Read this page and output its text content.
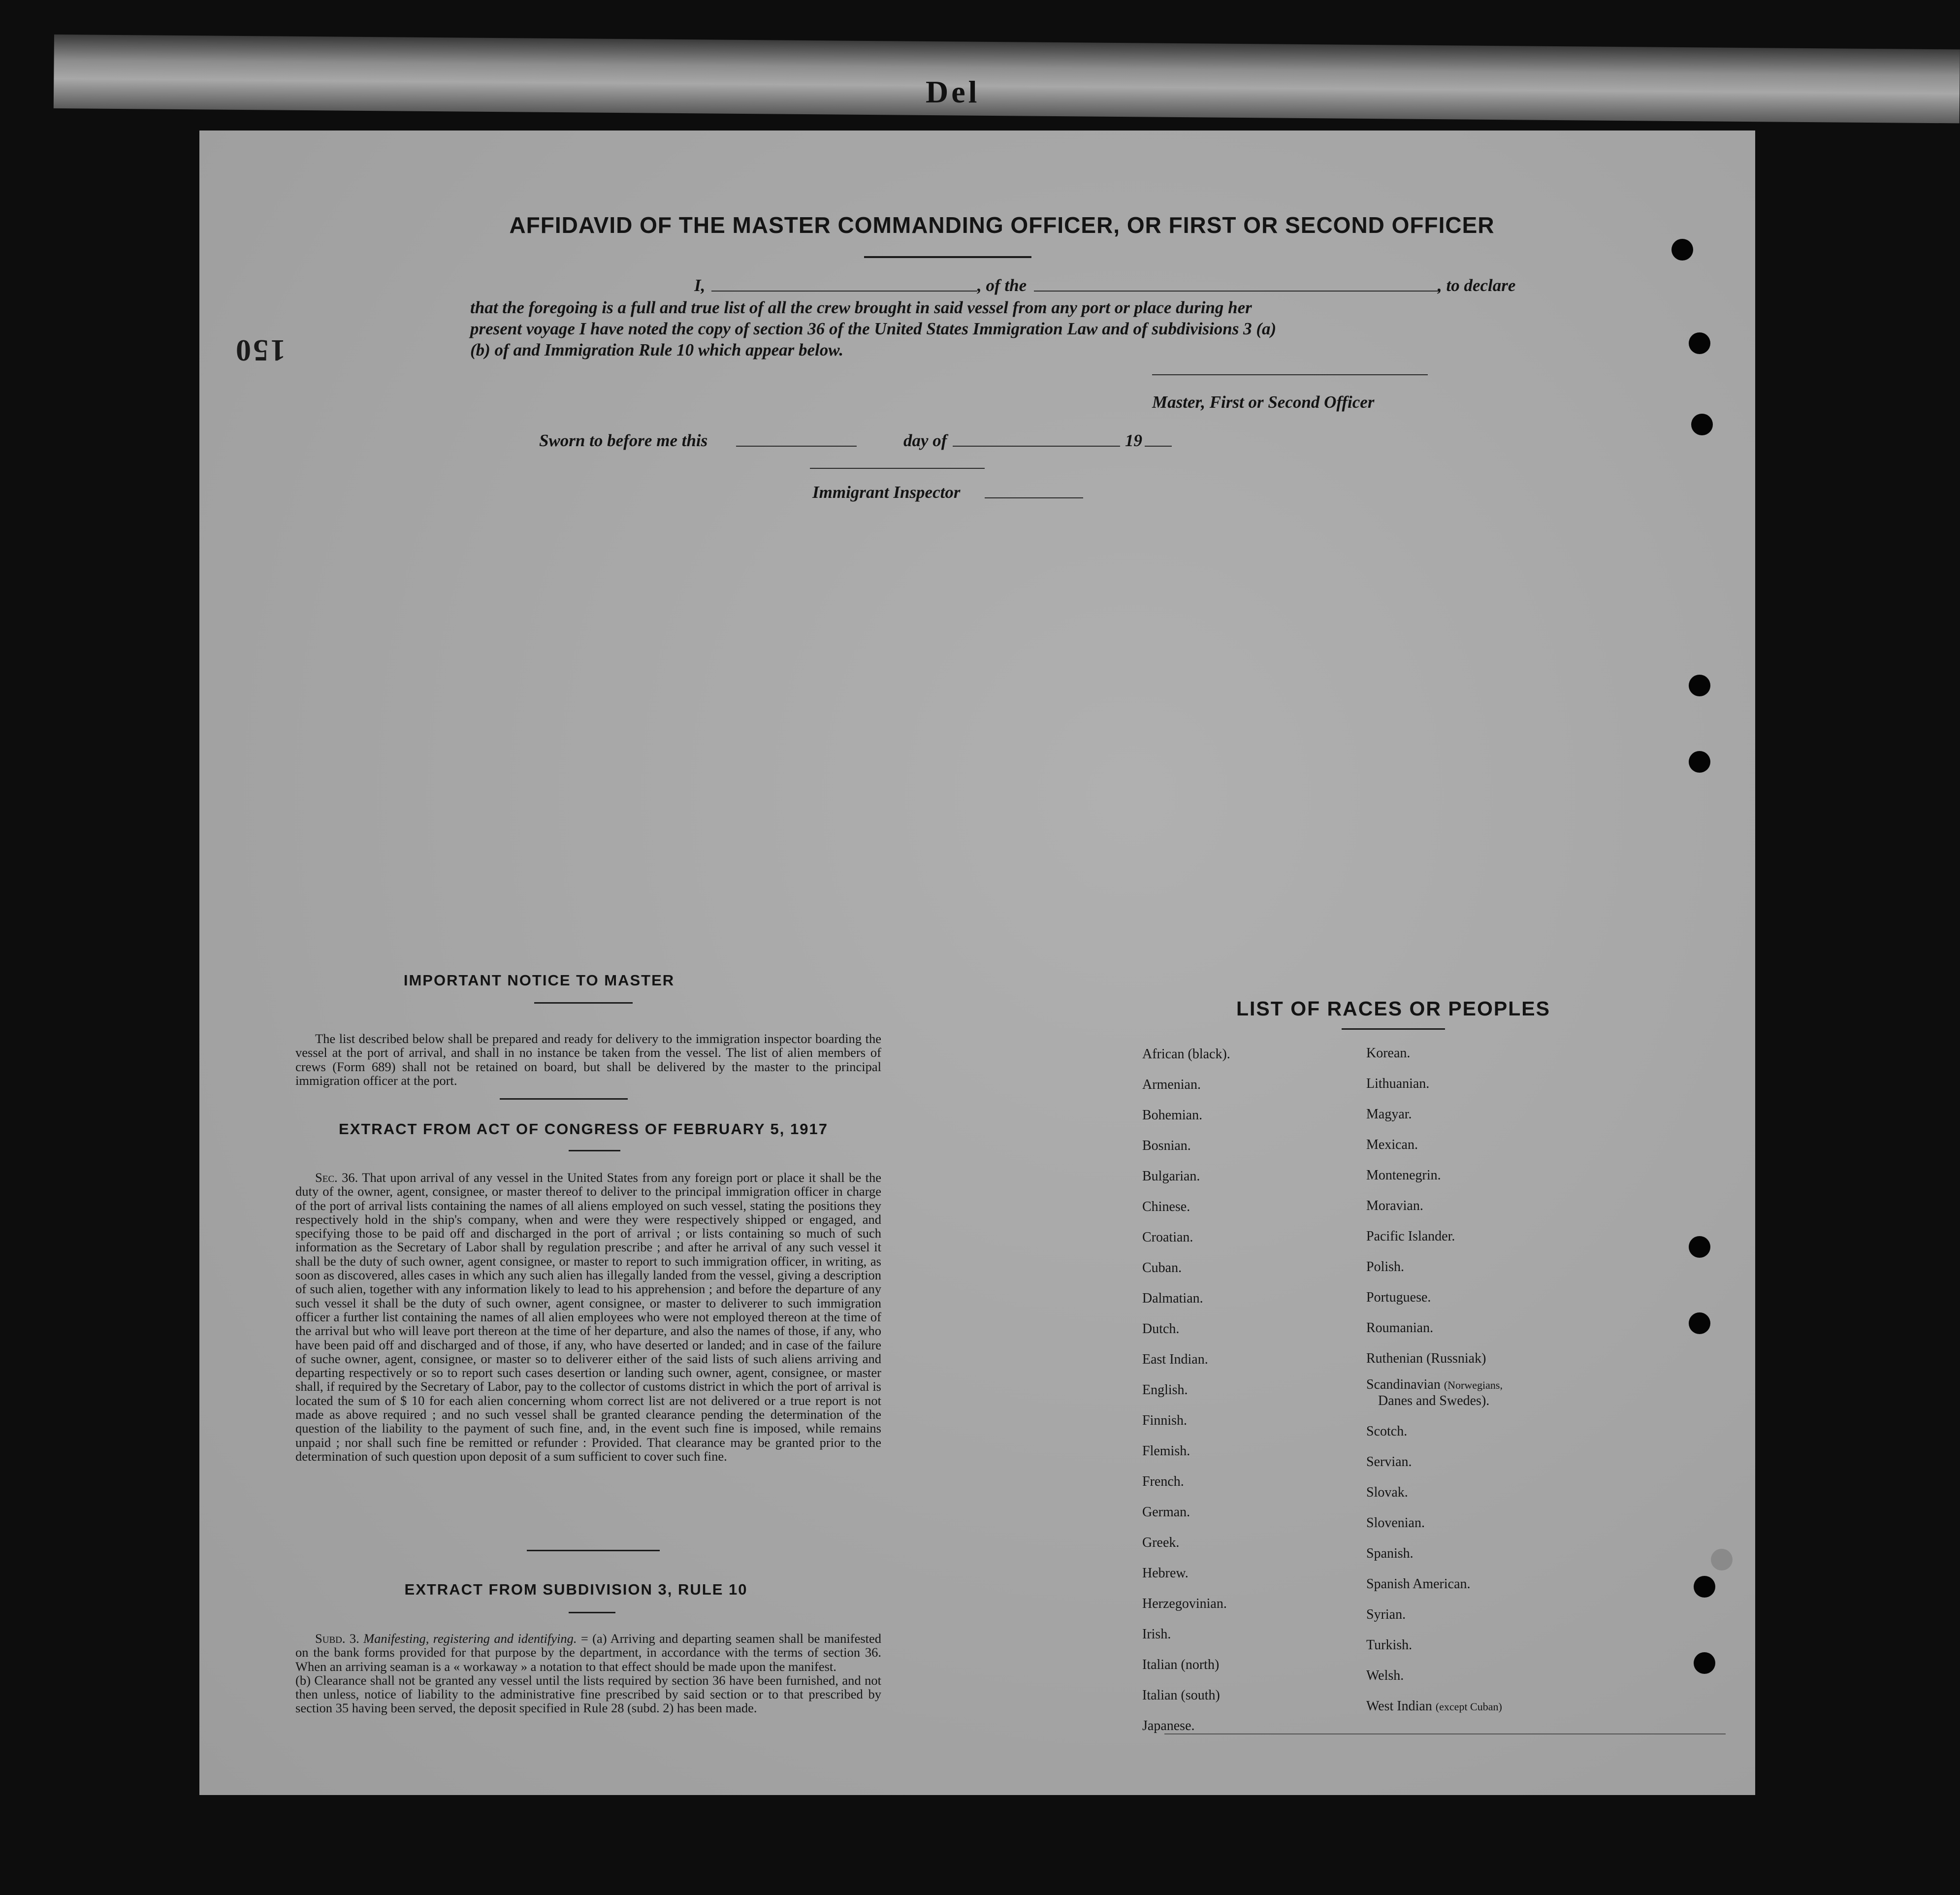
Del
150
AFFIDAVID OF THE MASTER COMMANDING OFFICER, OR FIRST OR SECOND OFFICER
I,	, of the	, to declare
that the foregoing is a full and true list of all the crew brought in said vessel from any port or place during her
present voyage I have noted the copy of section 36 of the United States Immigration Law and of subdivisions 3 (a)
(b) of and Immigration Rule 10 which appear below.
Master, First or Second Officer
Sworn to before me this	day of	19
Immigrant Inspector
IMPORTANT NOTICE TO MASTER
The list described below shall be prepared and ready for delivery to the immigration inspector boarding the vessel at the port of arrival, and shall in no instance be taken from the vessel. The list of alien members of crews (Form 689) shall not be retained on board, but shall be delivered by the master to the principal immigration officer at the port.
EXTRACT FROM ACT OF CONGRESS OF FEBRUARY 5, 1917
Sec. 36. That upon arrival of any vessel in the United States from any foreign port or place it shall be the duty of the owner, agent, consignee, or master thereof to deliver to the principal immigration officer in charge of the port of arrival lists containing the names of all aliens employed on such vessel, stating the positions they respectively hold in the ship's company, when and were they were respectively shipped or engaged, and specifying those to be paid off and discharged in the port of arrival ; or lists containing so much of such information as the Secretary of Labor shall by regulation prescribe ; and after he arrival of any such vessel it shall be the duty of such owner, agent consignee, or master to report to such immigration officer, in writing, as soon as discovered, alles cases in which any such alien has illegally landed from the vessel, giving a description of such alien, together with any information likely to lead to his apprehension ; and before the departure of any such vessel it shall be the duty of such owner, agent consignee, or master to deliverer to such immigration officer a further list containing the names of all alien employees who were not employed thereon at the time of the arrival but who will leave port thereon at the time of her departure, and also the names of those, if any, who have been paid off and discharged and of those, if any, who have deserted or landed; and in case of the failure of suche owner, agent, consignee, or master so to deliverer either of the said lists of such aliens arriving and departing respectively or so to report such cases desertion or landing such owner, agent, consignee, or master shall, if required by the Secretary of Labor, pay to the collector of customs district in which the port of arrival is located the sum of $ 10 for each alien concerning whom correct list are not delivered or a true report is not made as above required ; and no such vessel shall be granted clearance pending the determination of the question of the liability to the payment of such fine, and, in the event such fine is imposed, while remains unpaid ; nor shall such fine be remitted or refunder : Provided. That clearance may be granted prior to the determination of such question upon deposit of a sum sufficient to cover such fine.
EXTRACT FROM SUBDIVISION 3, RULE 10
Subd. 3. Manifesting, registering and identifying. = (a) Arriving and departing seamen shall be manifested on the bank forms provided for that purpose by the department, in accordance with the terms of section 36. When an arriving seaman is a « workaway » a notation to that effect should be made upon the manifest.
(b) Clearance shall not be granted any vessel until the lists required by section 36 have been furnished, and not then unless, notice of liability to the administrative fine prescribed by said section or to that prescribed by section 35 having been served, the deposit specified in Rule 28 (subd. 2) has been made.
LIST OF RACES OR PEOPLES
African (black).
Armenian.
Bohemian.
Bosnian.
Bulgarian.
Chinese.
Croatian.
Cuban.
Dalmatian.
Dutch.
East Indian.
English.
Finnish.
Flemish.
French.
German.
Greek.
Hebrew.
Herzegovinian.
Irish.
Italian (north)
Italian (south)
Japanese.
Korean.
Lithuanian.
Magyar.
Mexican.
Montenegrin.
Moravian.
Pacific Islander.
Polish.
Portuguese.
Roumanian.
Ruthenian (Russniak)
Scandinavian (Norwegians,
Danes and Swedes).
Scotch.
Servian.
Slovak.
Slovenian.
Spanish.
Spanish American.
Syrian.
Turkish.
Welsh.
West Indian (except Cuban)
